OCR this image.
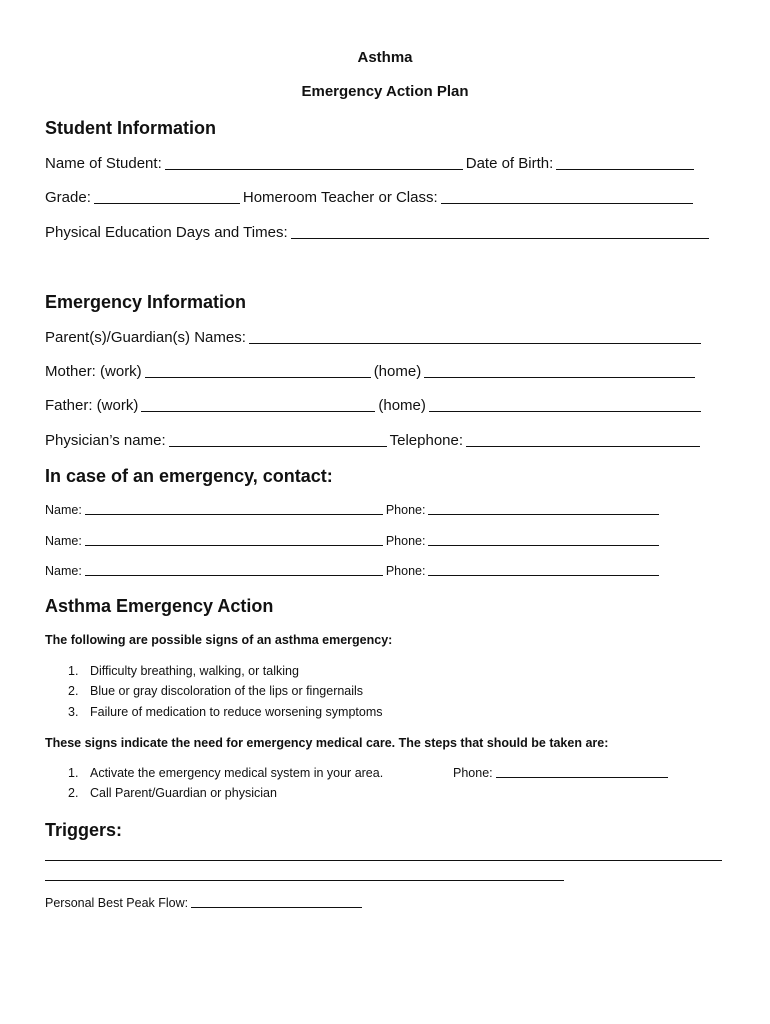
Asthma
Emergency Action Plan
Student Information
Name of Student:	Date of Birth:
Grade:	Homeroom Teacher or Class:
Physical Education Days and Times:
Emergency Information
Parent(s)/Guardian(s) Names:
Mother: (work)	(home)
Father: (work)	(home)
Physician’s name:	Telephone:
In case of an emergency, contact:
Name:	Phone:
Name:	Phone:
Name:	Phone:
Asthma Emergency Action
The following are possible signs of an asthma emergency:
1. Difficulty breathing, walking, or talking
2. Blue or gray discoloration of the lips or fingernails
3. Failure of medication to reduce worsening symptoms
These signs indicate the need for emergency medical care. The steps that should be taken are:
1. Activate the emergency medical system in your area.	Phone:
2. Call Parent/Guardian or physician
Triggers:
Personal Best Peak Flow:
